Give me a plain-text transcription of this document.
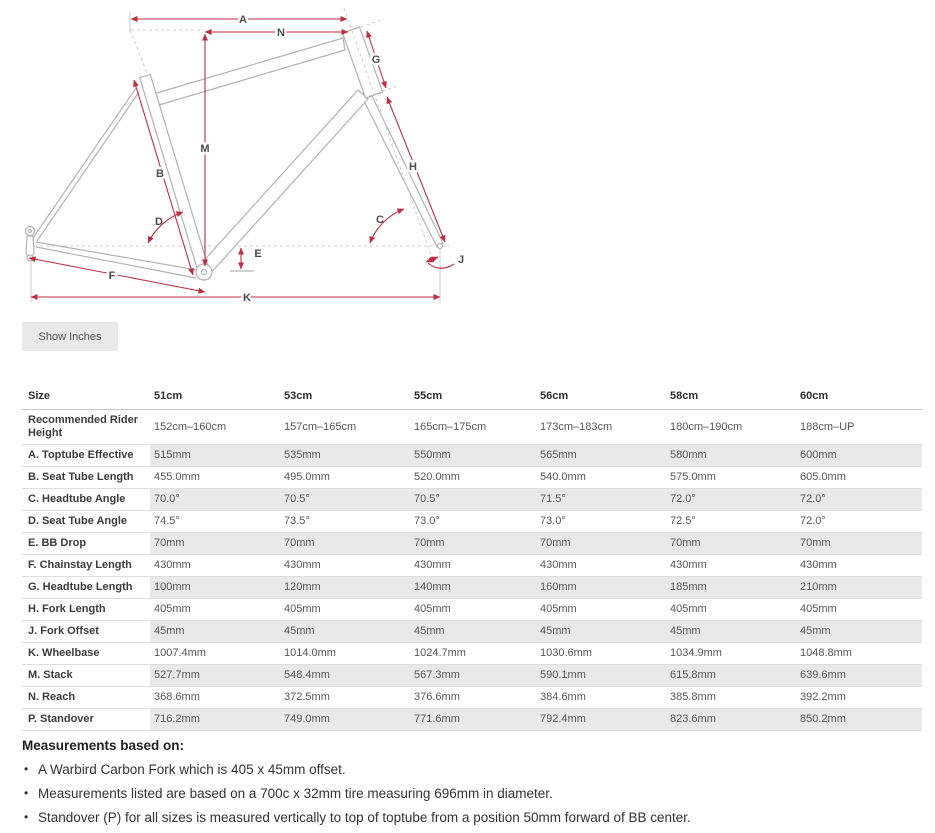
A
N
G
M
B
H
D	C
E	J
F
K
Show Inches
Size	51cm	53cm	55cm	56cm	58cm	60cm
Recommended Rider Height	152cm–160cm	157cm–165cm	165cm–175cm	173cm–183cm	180cm–190cm	188cm–UP
A. Toptube Effective	515mm	535mm	550mm	565mm	580mm	600mm
B. Seat Tube Length	455.0mm	495.0mm	520.0mm	540.0mm	575.0mm	605.0mm
C. Headtube Angle	70.0°	70.5°	70.5°	71.5°	72.0°	72.0°
D. Seat Tube Angle	74.5°	73.5°	73.0°	73.0°	72.5°	72.0°
E. BB Drop	70mm	70mm	70mm	70mm	70mm	70mm
F. Chainstay Length	430mm	430mm	430mm	430mm	430mm	430mm
G. Headtube Length	100mm	120mm	140mm	160mm	185mm	210mm
H. Fork Length	405mm	405mm	405mm	405mm	405mm	405mm
J. Fork Offset	45mm	45mm	45mm	45mm	45mm	45mm
K. Wheelbase	1007.4mm	1014.0mm	1024.7mm	1030.6mm	1034.9mm	1048.8mm
M. Stack	527.7mm	548.4mm	567.3mm	590.1mm	615.8mm	639.6mm
N. Reach	368.6mm	372.5mm	376.6mm	384.6mm	385.8mm	392.2mm
P. Standover	716.2mm	749.0mm	771.6mm	792.4mm	823.6mm	850.2mm

Measurements based on:

• A Warbird Carbon Fork which is 405 x 45mm offset.
• Measurements listed are based on a 700c x 32mm tire measuring 696mm in diameter.
• Standover (P) for all sizes is measured vertically to top of toptube from a position 50mm forward of BB center.
